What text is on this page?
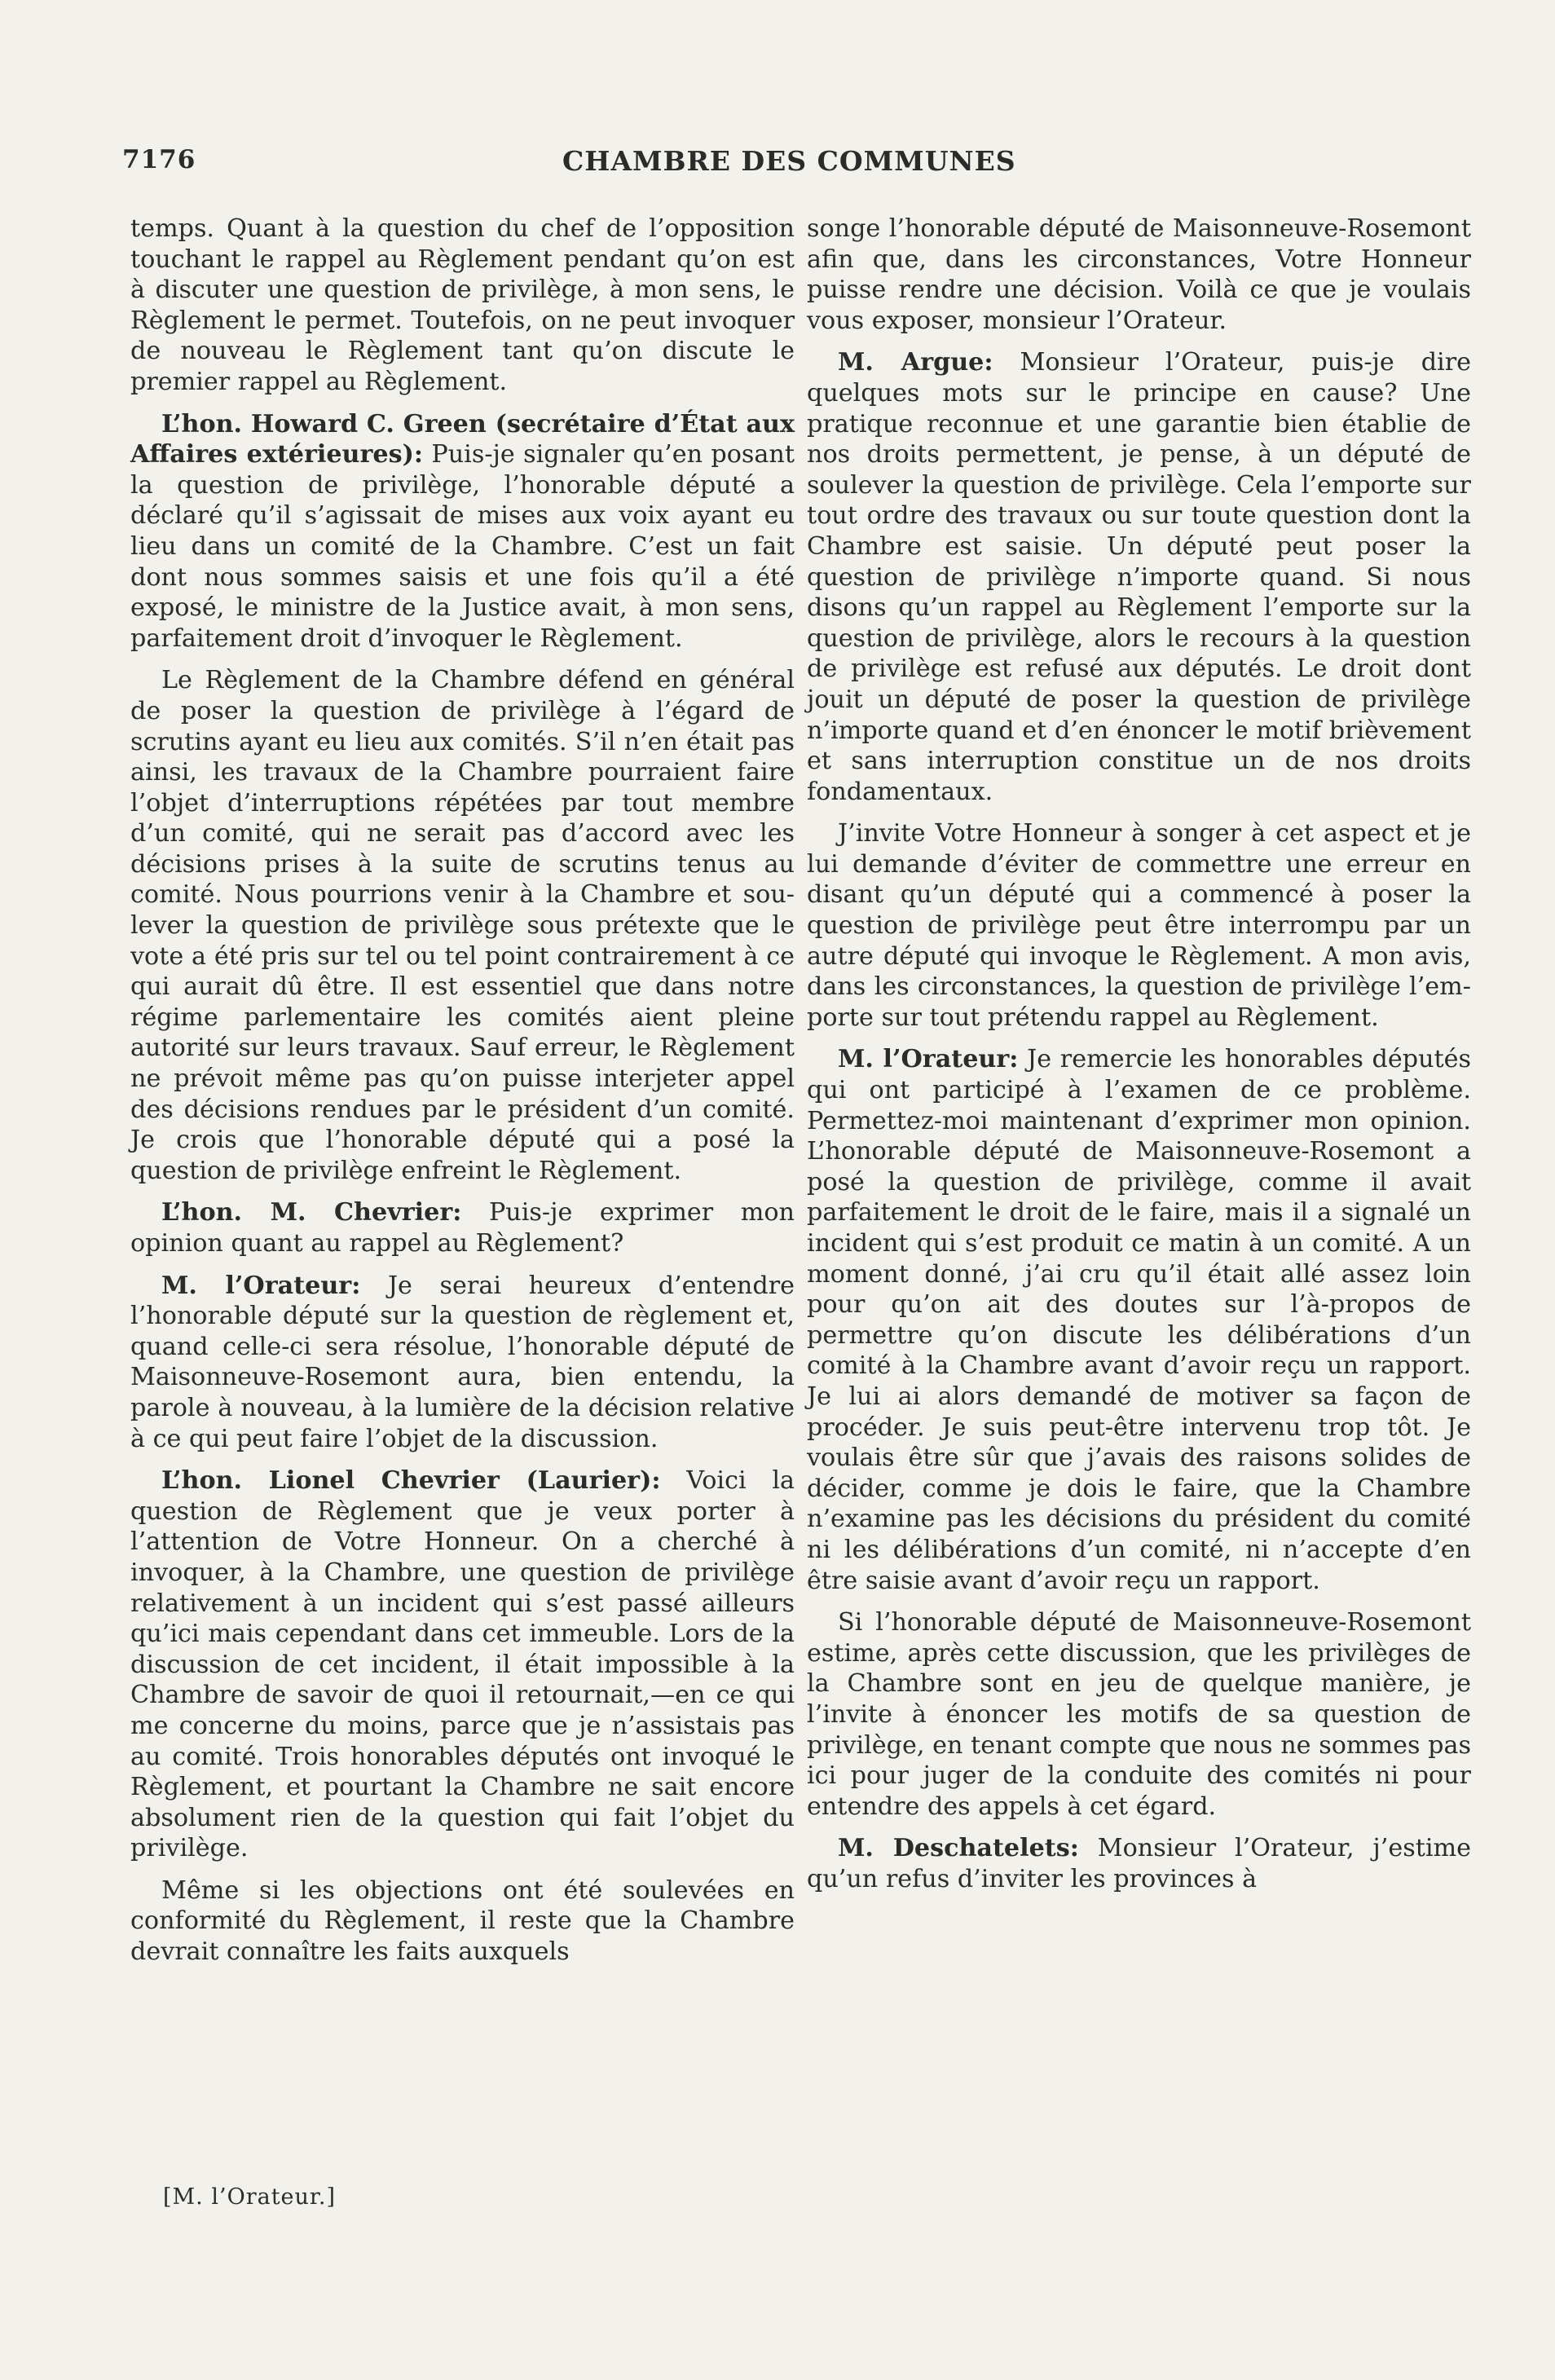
7176	CHAMBRE DES COMMUNES

temps. Quant à la question du chef de l’opposition touchant le rappel au Règlement pendant qu’on est à discuter une question de privilège, à mon sens, le Règlement le permet. Toutefois, on ne peut invoquer de nouveau le Règlement tant qu’on discute le premier rappel au Règlement.

L’hon. Howard C. Green (secrétaire d’État aux Affaires extérieures): Puis-je signaler qu’en posant la question de privilège, l’honorable député a déclaré qu’il s’agissait de mises aux voix ayant eu lieu dans un comité de la Chambre. C’est un fait dont nous sommes saisis et une fois qu’il a été exposé, le ministre de la Justice avait, à mon sens, parfaitement droit d’invoquer le Règlement.

Le Règlement de la Chambre défend en général de poser la question de privilège à l’égard de scrutins ayant eu lieu aux comités. S’il n’en était pas ainsi, les travaux de la Chambre pourraient faire l’objet d’interruptions répétées par tout membre d’un comité, qui ne serait pas d’accord avec les décisions prises à la suite de scrutins tenus au comité. Nous pourrions venir à la Chambre et soulever la question de privilège sous prétexte que le vote a été pris sur tel ou tel point contrairement à ce qui aurait dû être. Il est essentiel que dans notre régime parlementaire les comités aient pleine autorité sur leurs travaux. Sauf erreur, le Règlement ne prévoit même pas qu’on puisse interjeter appel des décisions rendues par le président d’un comité. Je crois que l’honorable député qui a posé la question de privilège enfreint le Règlement.

L’hon. M. Chevrier: Puis-je exprimer mon opinion quant au rappel au Règlement?

M. l’Orateur: Je serai heureux d’entendre l’honorable député sur la question de règlement et, quand celle-ci sera résolue, l’honorable député de Maisonneuve-Rosemont aura, bien entendu, la parole à nouveau, à la lumière de la décision relative à ce qui peut faire l’objet de la discussion.

L’hon. Lionel Chevrier (Laurier): Voici la question de Règlement que je veux porter à l’attention de Votre Honneur. On a cherché à invoquer, à la Chambre, une question de privilège relativement à un incident qui s’est passé ailleurs qu’ici mais cependant dans cet immeuble. Lors de la discussion de cet incident, il était impossible à la Chambre de savoir de quoi il retournait,—en ce qui me concerne du moins, parce que je n’assistais pas au comité. Trois honorables députés ont invoqué le Règlement, et pourtant la Chambre ne sait encore absolument rien de la question qui fait l’objet du privilège.

Même si les objections ont été soulevées en conformité du Règlement, il reste que la Chambre devrait connaître les faits auxquels

songe l’honorable député de Maisonneuve-Rosemont afin que, dans les circonstances, Votre Honneur puisse rendre une décision. Voilà ce que je voulais vous exposer, monsieur l’Orateur.

M. Argue: Monsieur l’Orateur, puis-je dire quelques mots sur le principe en cause? Une pratique reconnue et une garantie bien établie de nos droits permettent, je pense, à un député de soulever la question de privilège. Cela l’emporte sur tout ordre des travaux ou sur toute question dont la Chambre est saisie. Un député peut poser la question de privilège n’importe quand. Si nous disons qu’un rappel au Règlement l’emporte sur la question de privilège, alors le recours à la question de privilège est refusé aux députés. Le droit dont jouit un député de poser la question de privilège n’importe quand et d’en énoncer le motif brièvement et sans interruption constitue un de nos droits fondamentaux.

J’invite Votre Honneur à songer à cet aspect et je lui demande d’éviter de commettre une erreur en disant qu’un député qui a commencé à poser la question de privilège peut être interrompu par un autre député qui invoque le Règlement. A mon avis, dans les circonstances, la question de privilège l’emporte sur tout prétendu rappel au Règlement.

M. l’Orateur: Je remercie les honorables députés qui ont participé à l’examen de ce problème. Permettez-moi maintenant d’exprimer mon opinion. L’honorable député de Maisonneuve-Rosemont a posé la question de privilège, comme il avait parfaitement le droit de le faire, mais il a signalé un incident qui s’est produit ce matin à un comité. A un moment donné, j’ai cru qu’il était allé assez loin pour qu’on ait des doutes sur l’à-propos de permettre qu’on discute les délibérations d’un comité à la Chambre avant d’avoir reçu un rapport. Je lui ai alors demandé de motiver sa façon de procéder. Je suis peut-être intervenu trop tôt. Je voulais être sûr que j’avais des raisons solides de décider, comme je dois le faire, que la Chambre n’examine pas les décisions du président du comité ni les délibérations d’un comité, ni n’accepte d’en être saisie avant d’avoir reçu un rapport.

Si l’honorable député de Maisonneuve-Rosemont estime, après cette discussion, que les privilèges de la Chambre sont en jeu de quelque manière, je l’invite à énoncer les motifs de sa question de privilège, en tenant compte que nous ne sommes pas ici pour juger de la conduite des comités ni pour entendre des appels à cet égard.

M. Deschatelets: Monsieur l’Orateur, j’estime qu’un refus d’inviter les provinces à

[M. l’Orateur.]
